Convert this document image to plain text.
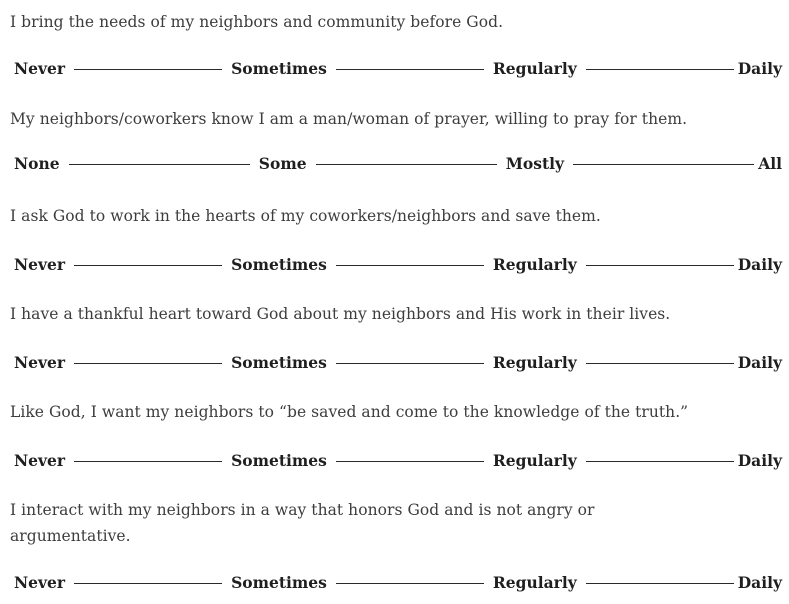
I bring the needs of my neighbors and community before God.
Never	Sometimes	Regularly	Daily
My neighbors/coworkers know I am a man/woman of prayer, willing to pray for them.
None	Some	Mostly	All
I ask God to work in the hearts of my coworkers/neighbors and save them.
Never	Sometimes	Regularly	Daily
I have a thankful heart toward God about my neighbors and His work in their lives.
Never	Sometimes	Regularly	Daily
Like God, I want my neighbors to “be saved and come to the knowledge of the truth.”
Never	Sometimes	Regularly	Daily
I interact with my neighbors in a way that honors God and is not angry or argumentative.
Never	Sometimes	Regularly	Daily
